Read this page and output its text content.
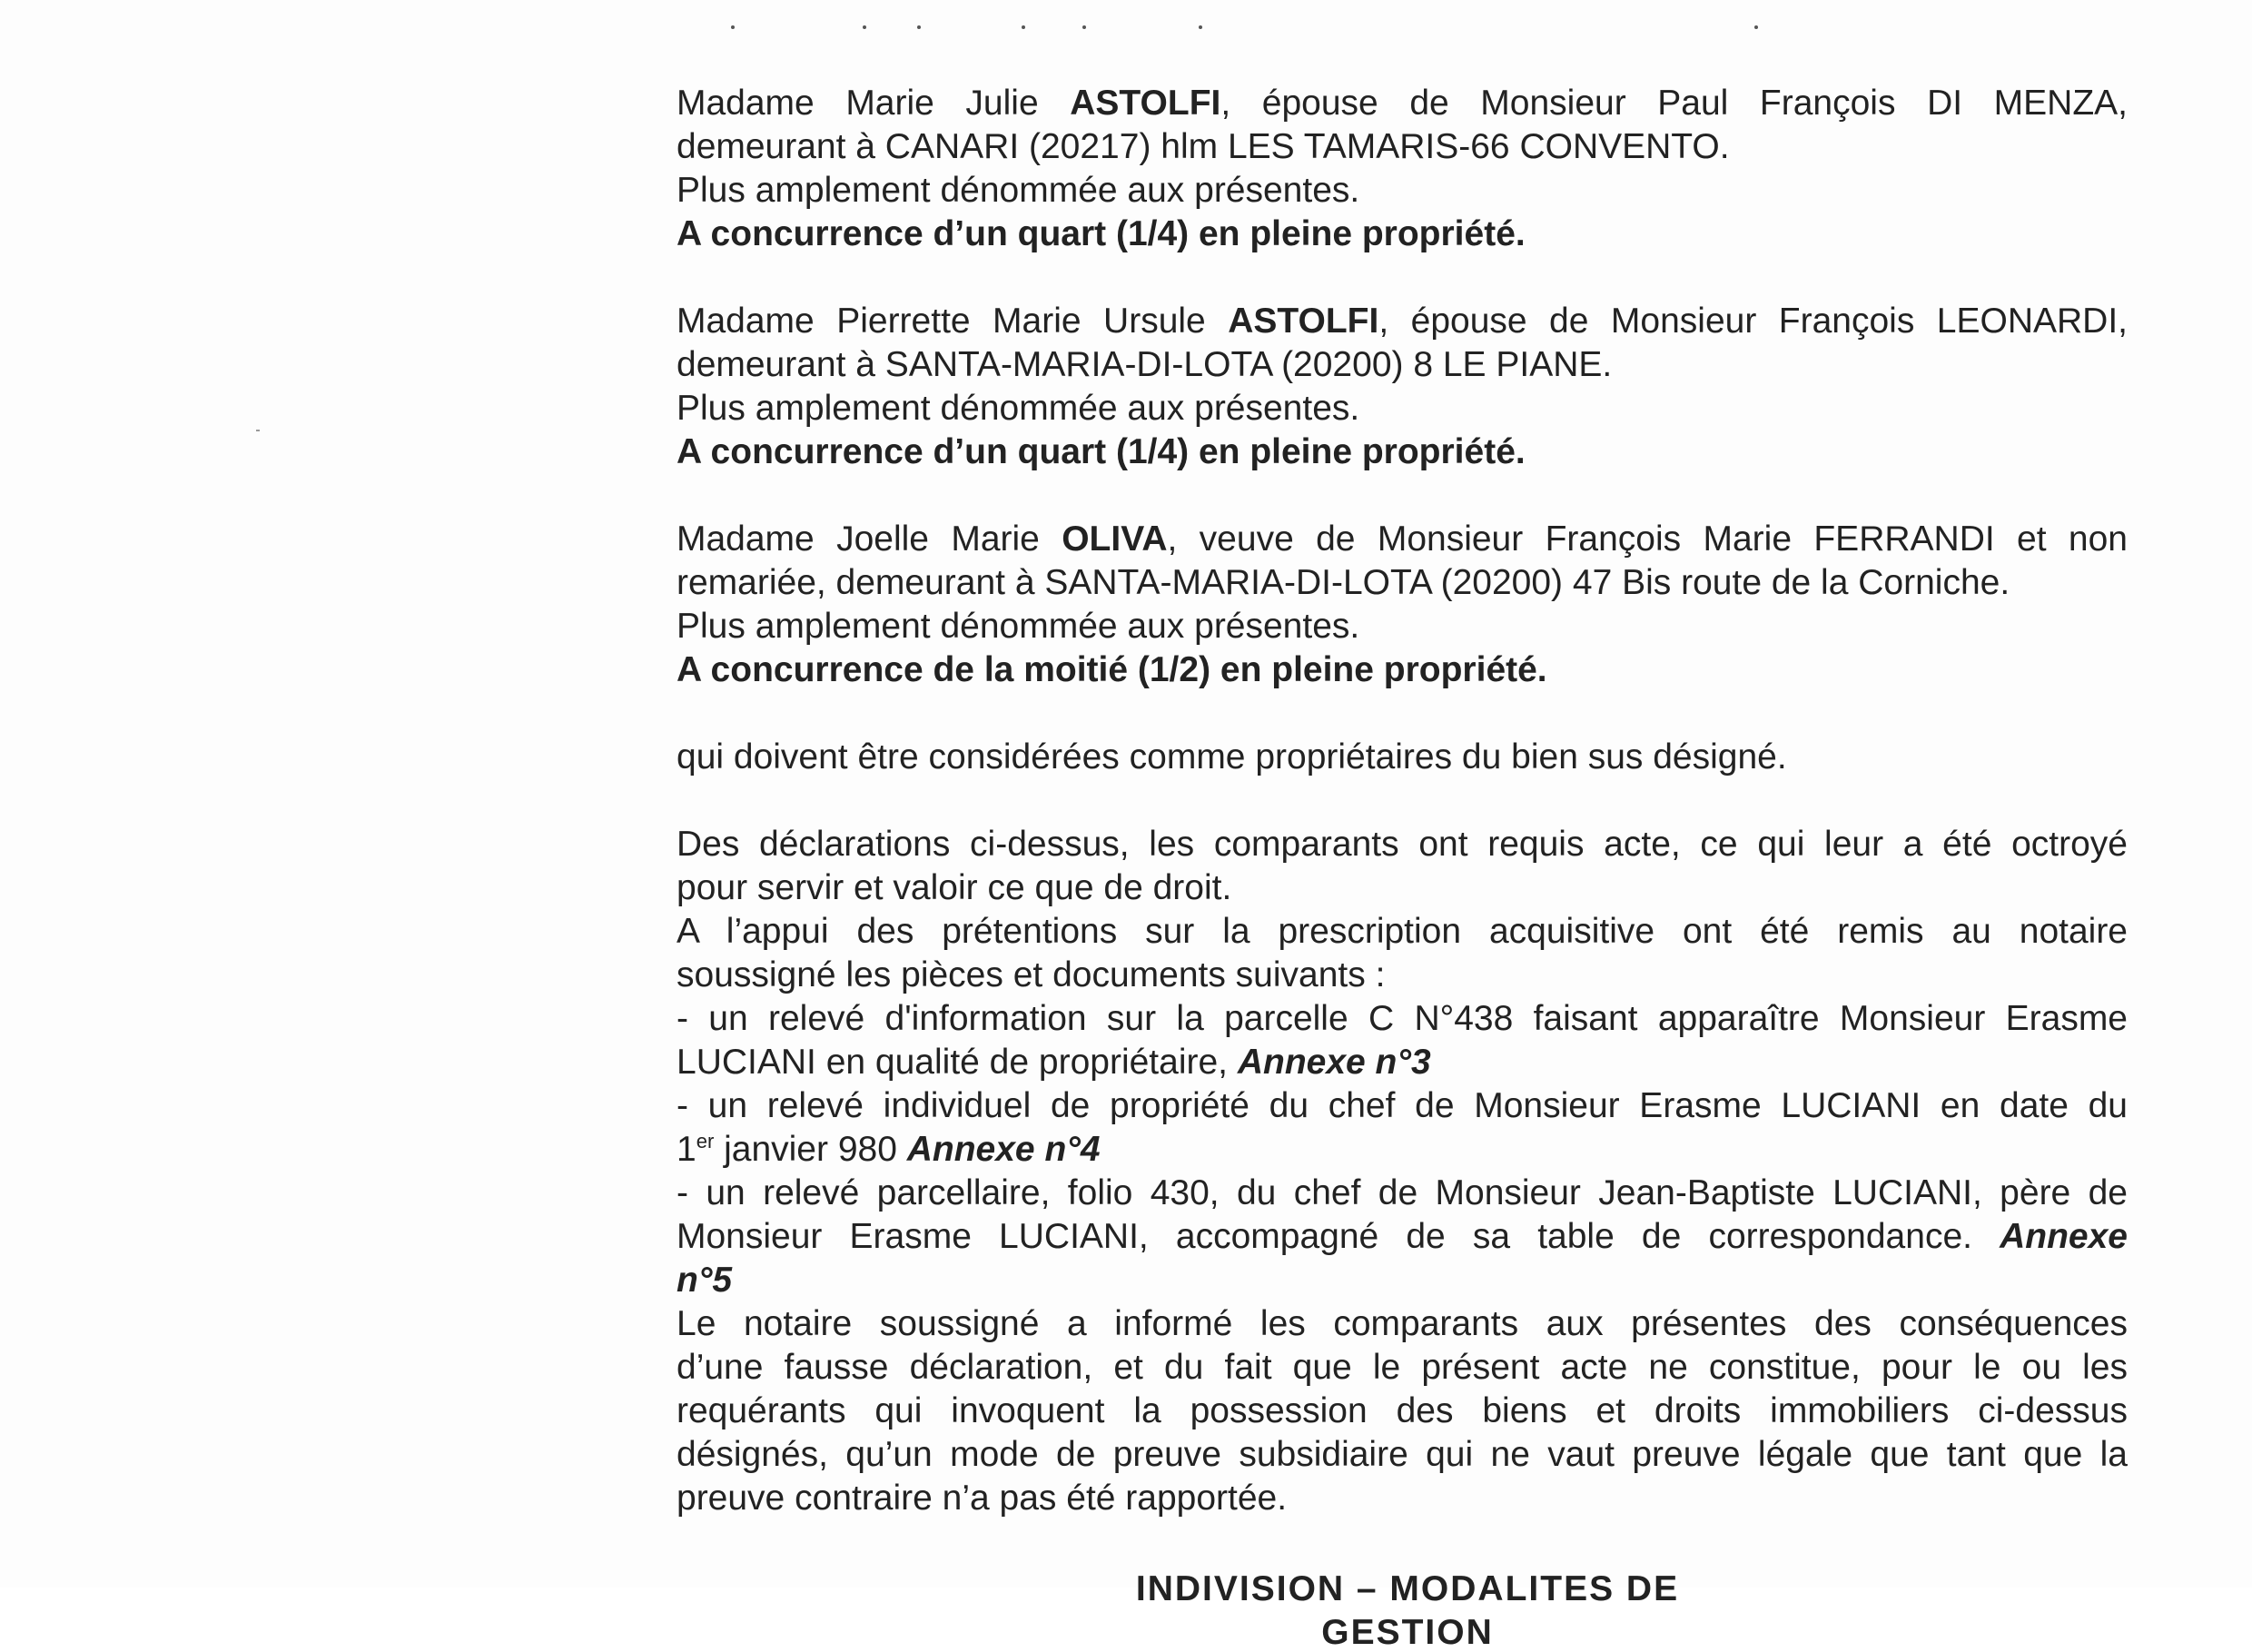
Madame Marie Julie ASTOLFI, épouse de Monsieur Paul François DI MENZA,
demeurant à CANARI (20217) hlm LES TAMARIS-66 CONVENTO.
Plus amplement dénommée aux présentes.
A concurrence d’un quart (1/4) en pleine propriété.
Madame Pierrette Marie Ursule ASTOLFI, épouse de Monsieur François LEONARDI,
demeurant à SANTA-MARIA-DI-LOTA (20200) 8 LE PIANE.
Plus amplement dénommée aux présentes.
A concurrence d’un quart (1/4) en pleine propriété.
Madame Joelle Marie OLIVA, veuve de Monsieur François Marie FERRANDI et non
remariée, demeurant à SANTA-MARIA-DI-LOTA (20200) 47 Bis route de la Corniche.
Plus amplement dénommée aux présentes.
A concurrence de la moitié (1/2) en pleine propriété.
qui doivent être considérées comme propriétaires du bien sus désigné.
Des déclarations ci-dessus, les comparants ont requis acte, ce qui leur a été octroyé
pour servir et valoir ce que de droit.
A l’appui des prétentions sur la prescription acquisitive ont été remis au notaire
soussigné les pièces et documents suivants :
- un relevé d'information sur la parcelle C N°438 faisant apparaître Monsieur Erasme
LUCIANI en qualité de propriétaire, Annexe n°3
- un relevé individuel de propriété du chef de Monsieur Erasme LUCIANI en date du
1er janvier 980 Annexe n°4
- un relevé parcellaire, folio 430, du chef de Monsieur Jean-Baptiste LUCIANI, père de
Monsieur Erasme LUCIANI, accompagné de sa table de correspondance. Annexe
n°5
Le notaire soussigné a informé les comparants aux présentes des conséquences
d’une fausse déclaration, et du fait que le présent acte ne constitue, pour le ou les
requérants qui invoquent la possession des biens et droits immobiliers ci-dessus
désignés, qu’un mode de preuve subsidiaire qui ne vaut preuve légale que tant que la
preuve contraire n’a pas été rapportée.
INDIVISION – MODALITES DE GESTION
